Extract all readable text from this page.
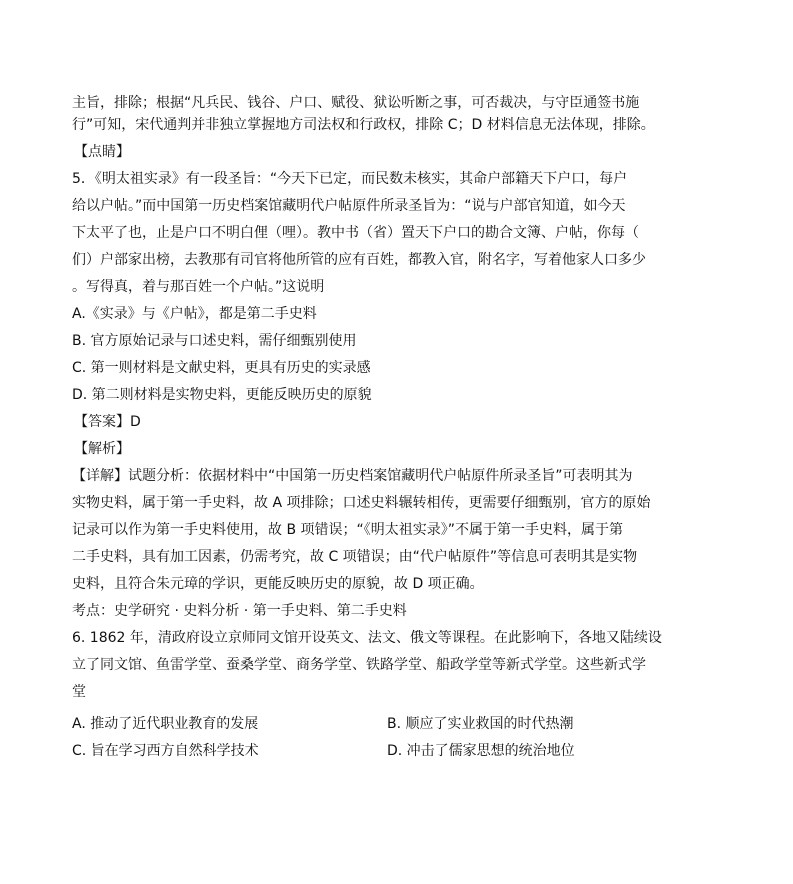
主旨，排除；根据“凡兵民、钱谷、户口、赋役、狱讼听断之事，可否裁决，与守臣通签书施

行”可知，宋代通判并非独立掌握地方司法权和行政权，排除 C；D 材料信息无法体现，排除。

【点睛】

5．《明太祖实录》有一段圣旨：“今天下已定，而民数未核实，其命户部籍天下户口，每户

给以户帖。”而中国第一历史档案馆藏明代户帖原件所录圣旨为：“说与户部官知道，如今天

下太平了也，止是户口不明白俚（哩）。教中书（省）置天下户口的勘合文簿、户帖，你每（

们）户部家出榜，去教那有司官将他所管的应有百姓，都教入官，附名字，写着他家人口多少

。写得真，着与那百姓一个户帖。”这说明

A.《实录》与《户帖》，都是第二手史料

B. 官方原始记录与口述史料，需仔细甄别使用

C. 第一则材料是文献史料，更具有历史的实录感

D. 第二则材料是实物史料，更能反映历史的原貌

【答案】D

【解析】

【详解】试题分析：依据材料中“中国第一历史档案馆藏明代户帖原件所录圣旨”可表明其为

实物史料，属于第一手史料，故 A 项排除；口述史料辗转相传，更需要仔细甄别，官方的原始

记录可以作为第一手史料使用，故 B 项错误；“《明太祖实录》”不属于第一手史料，属于第

二手史料，具有加工因素，仍需考究，故 C 项错误；由“代户帖原件”等信息可表明其是实物

史料，且符合朱元璋的学识，更能反映历史的原貌，故 D 项正确。

考点：史学研究 · 史料分析 · 第一手史料、第二手史料

6. 1862 年，清政府设立京师同文馆开设英文、法文、俄文等课程。在此影响下，各地又陆续设

立了同文馆、鱼雷学堂、蚕桑学堂、商务学堂、铁路学堂、船政学堂等新式学堂。这些新式学

堂

A. 推动了近代职业教育的发展	B. 顺应了实业救国的时代热潮
C. 旨在学习西方自然科学技术	D. 冲击了儒家思想的统治地位
